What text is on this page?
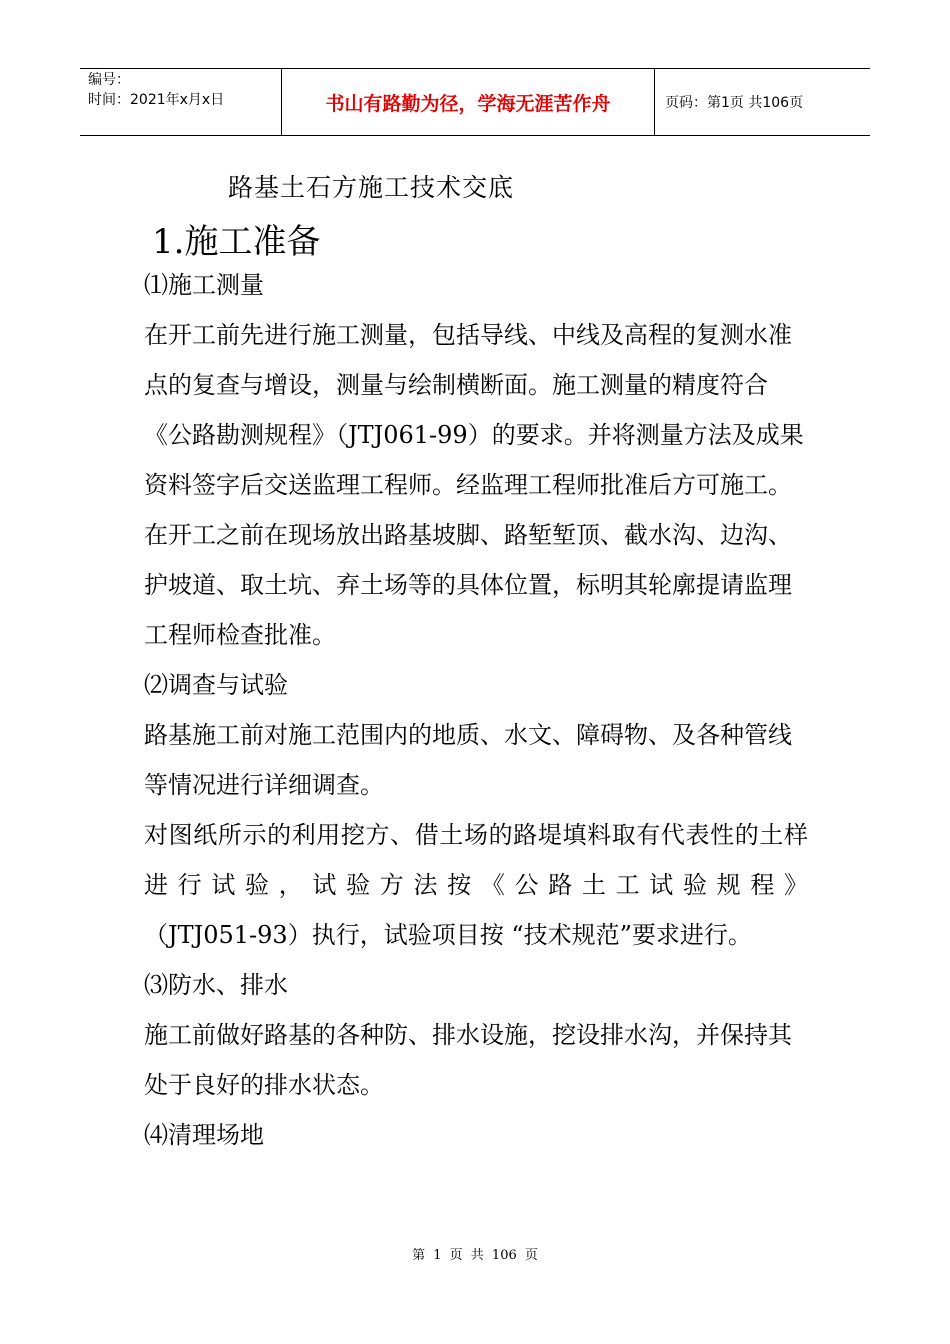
编号：
时间：2021年x月x日	书山有路勤为径，学海无涯苦作舟	页码：第1页 共106页
路基土石方施工技术交底
1.施工准备

⑴施工测量

在开工前先进行施工测量，包括导线、中线及高程的复测水准点的复查与增设，测量与绘制横断面。施工测量的精度符合《公路勘测规程》（JTJ061-99）的要求。并将测量方法及成果资料签字后交送监理工程师。经监理工程师批准后方可施工。

在开工之前在现场放出路基坡脚、路堑堑顶、截水沟、边沟、护坡道、取土坑、弃土场等的具体位置，标明其轮廓提请监理工程师检查批准。

⑵调查与试验

路基施工前对施工范围内的地质、水文、障碍物、及各种管线等情况进行详细调查。

对图纸所示的利用挖方、借土场的路堤填料取有代表性的土样进行试验，试验方法按《公路土工试验规程》

（JTJ051-93）执行，试验项目按 “技术规范”要求进行。

⑶防水、排水

施工前做好路基的各种防、排水设施，挖设排水沟，并保持其处于良好的排水状态。

⑷清理场地

第 1 页 共 106 页
